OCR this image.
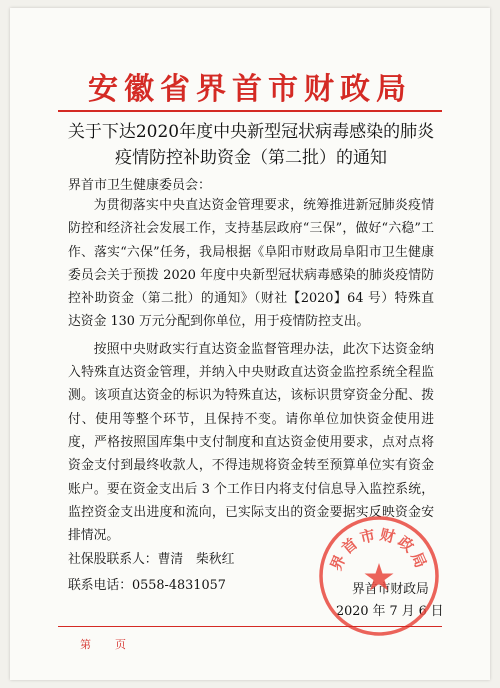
安徽省界首市财政局
关于下达2020年度中央新型冠状病毒感染的肺炎疫情防控补助资金（第二批）的通知
界首市卫生健康委员会：

为贯彻落实中央直达资金管理要求，统筹推进新冠肺炎疫情防控和经济社会发展工作，支持基层政府“三保”，做好“六稳”工作、落实“六保”任务，我局根据《阜阳市财政局阜阳市卫生健康委员会关于预拨 2020 年度中央新型冠状病毒感染的肺炎疫情防控补助资金（第二批）的通知》（财社【2020】64 号）特殊直达资金 130 万元分配到你单位，用于疫情防控支出。

按照中央财政实行直达资金监督管理办法，此次下达资金纳入特殊直达资金管理，并纳入中央财政直达资金监控系统全程监测。该项直达资金的标识为特殊直达，该标识贯穿资金分配、拨付、使用等整个环节，且保持不变。请你单位加快资金使用进度，严格按照国库集中支付制度和直达资金使用要求，点对点将资金支付到最终收款人，不得违规将资金转至预算单位实有资金账户。要在资金支出后 3 个工作日内将支付信息导入监控系统，监控资金支出进度和流向，已实际支出的资金要据实反映资金安排情况。

社保股联系人：曹清　柴秋红
联系电话：0558-4831057	界首市财政局
2020 年 7 月 6 日
界首市财政局
第 页
